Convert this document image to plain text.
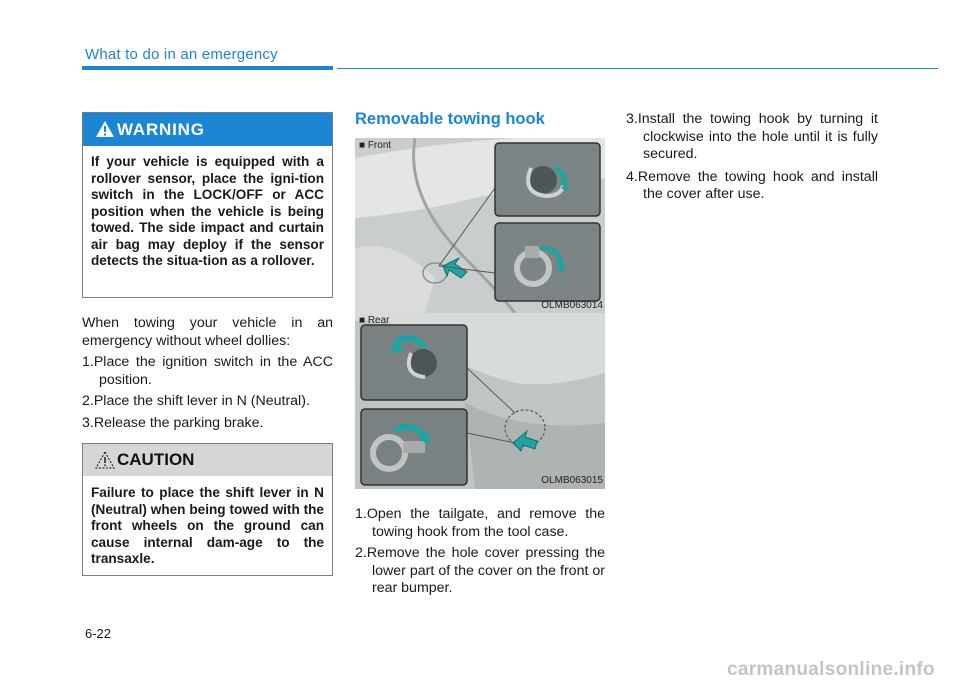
What to do in an emergency
WARNING
If your vehicle is equipped with a rollover sensor, place the igni-tion switch in the LOCK/OFF or ACC position when the vehicle is being towed. The side impact and curtain air bag may deploy if the sensor detects the situa-tion as a rollover.
When towing your vehicle in an emergency without wheel dollies:

1.Place the ignition switch in the ACC position.

2.Place the shift lever in N (Neutral).

3.Release the parking brake.

CAUTION
Failure to place the shift lever in N (Neutral) when being towed with the front wheels on the ground can cause internal dam-age to the transaxle.
Removable towing hook
■ Front
OLMB063014
■ Rear
OLMB063015

1.Open the tailgate, and remove the towing hook from the tool case.

2.Remove the hole cover pressing the lower part of the cover on the front or rear bumper.

3.Install the towing hook by turning it clockwise into the hole until it is fully secured.

4.Remove the towing hook and install the cover after use.

6-22
carmanualsonline.info
